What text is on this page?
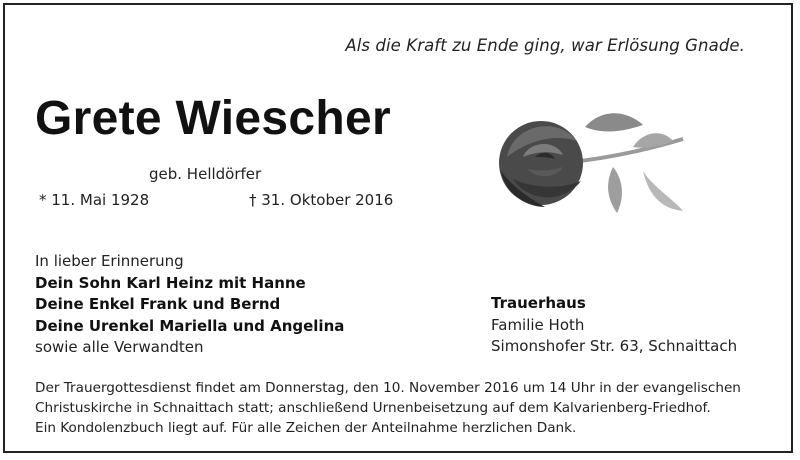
Als die Kraft zu Ende ging, war Erlösung Gnade.
Grete Wiescher
geb. Helldörfer
* 11. Mai 1928	† 31. Oktober 2016
In lieber Erinnerung
Dein Sohn Karl Heinz mit Hanne
Deine Enkel Frank und Bernd
Deine Urenkel Mariella und Angelina
sowie alle Verwandten
Trauerhaus
Familie Hoth
Simonshofer Str. 63, Schnaittach
Der Trauergottesdienst findet am Donnerstag, den 10. November 2016 um 14 Uhr in der evangelischen
Christuskirche in Schnaittach statt; anschließend Urnenbeisetzung auf dem Kalvarienberg-Friedhof.
Ein Kondolenzbuch liegt auf. Für alle Zeichen der Anteilnahme herzlichen Dank.
